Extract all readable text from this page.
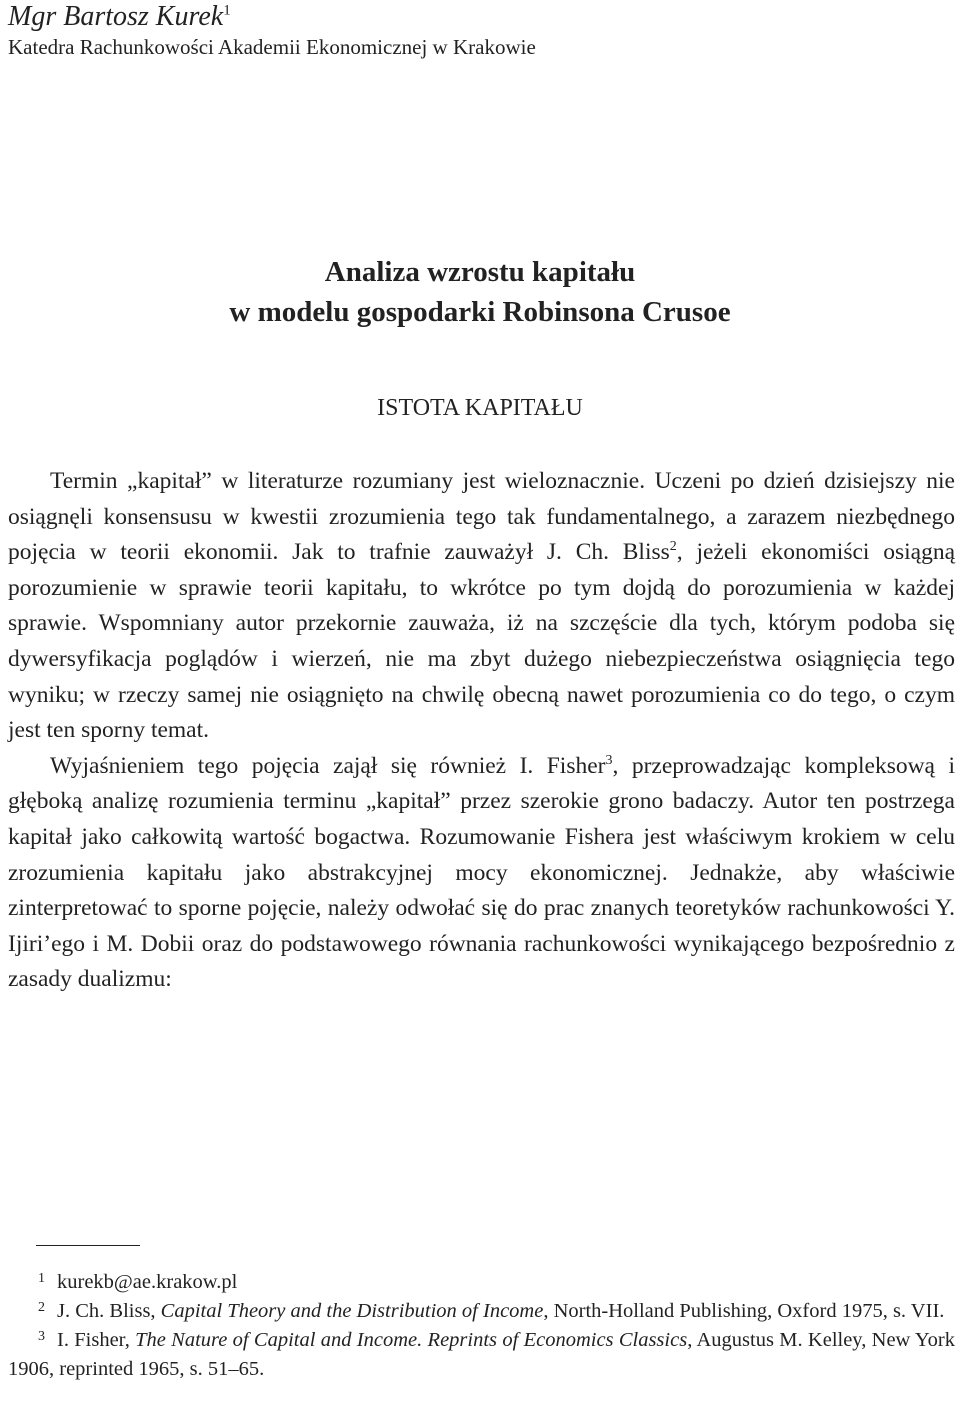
Mgr Bartosz Kurek$^1$
Katedra Rachunkowości Akademii Ekonomicznej w Krakowie
Analiza wzrostu kapitału
w modelu gospodarki Robinsona Crusoe
ISTOTA KAPITAŁU

Termin „kapitał” w literaturze rozumiany jest wieloznacznie. Uczeni po dzień dzisiejszy nie osiągnęli konsensusu w kwestii zrozumienia tego tak fundamentalnego, a zarazem niezbędnego pojęcia w teorii ekonomii. Jak to trafnie zauważył J. Ch. Bliss$^2$, jeżeli ekonomiści osiągną porozumienie w sprawie teorii kapitału, to wkrótce po tym dojdą do porozumienia w każdej sprawie. Wspomniany autor przekornie zauważa, iż na szczęście dla tych, którym podoba się dywersyfikacja poglądów i wierzeń, nie ma zbyt dużego niebezpieczeństwa osiągnięcia tego wyniku; w rzeczy samej nie osiągnięto na chwilę obecną nawet porozumienia co do tego, o czym jest ten sporny temat.

Wyjaśnieniem tego pojęcia zajął się również I. Fisher$^3$, przeprowadzając kompleksową i głęboką analizę rozumienia terminu „kapitał” przez szerokie grono badaczy. Autor ten postrzega kapitał jako całkowitą wartość bogactwa. Rozumowanie Fishera jest właściwym krokiem w celu zrozumienia kapitału jako abstrakcyjnej mocy ekonomicznej. Jednakże, aby właściwie zinterpretować to sporne pojęcie, należy odwołać się do prac znanych teoretyków rachunkowości Y. Ijiri’ego i M. Dobii oraz do podstawowego równania rachunkowości wynikającego bezpośrednio z zasady dualizmu:

$^1$ kurekb@ae.krakow.pl

$^2$ J. Ch. Bliss, Capital Theory and the Distribution of Income, North-Holland Publishing, Oxford 1975, s. VII.

$^3$ I. Fisher, The Nature of Capital and Income. Reprints of Economics Classics, Augustus M. Kelley, New York 1906, reprinted 1965, s. 51–65.
